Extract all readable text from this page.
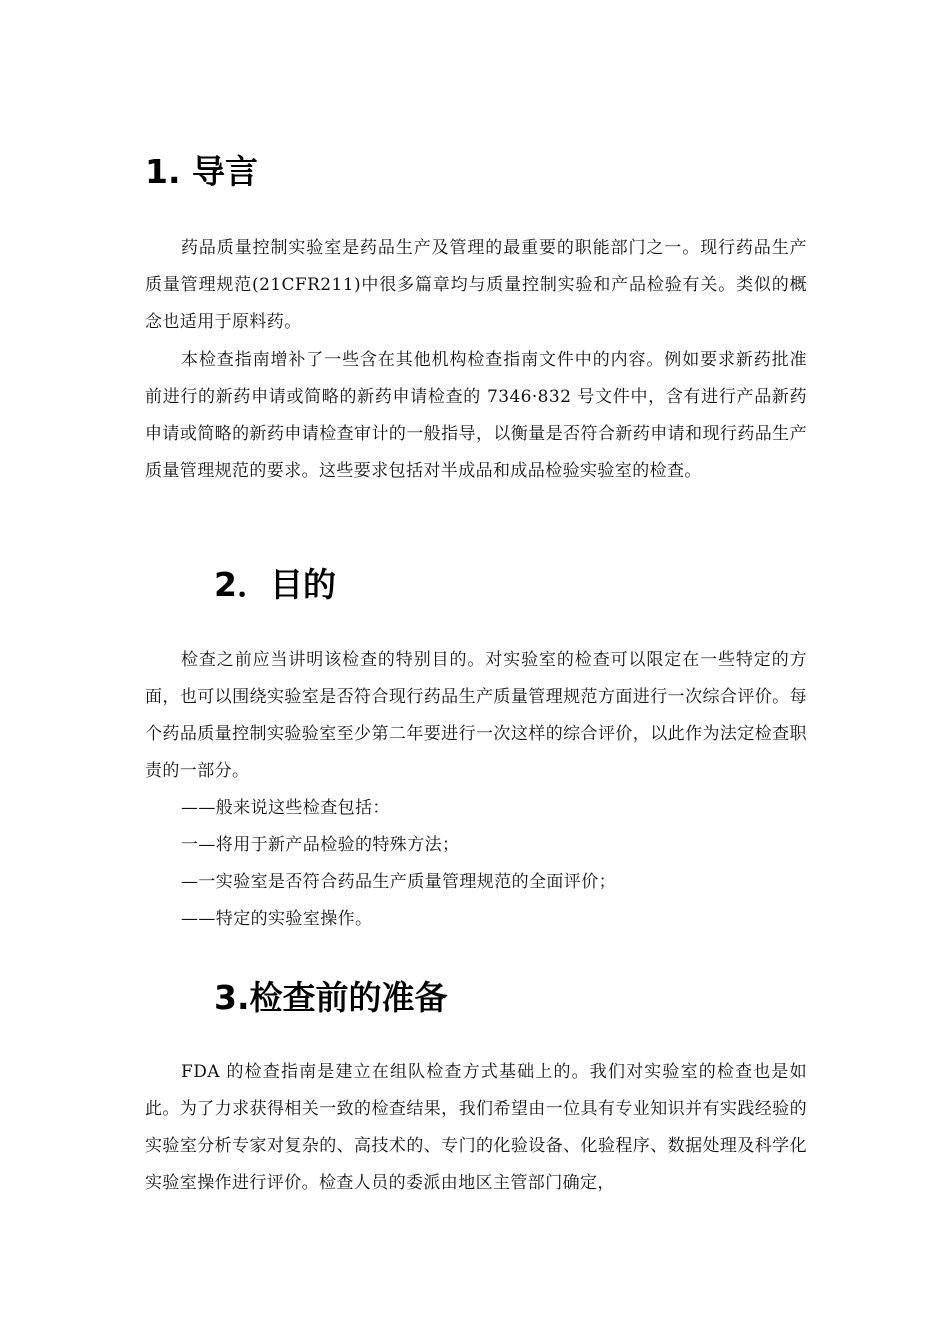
1. 导言

药品质量控制实验室是药品生产及管理的最重要的职能部门之一。现行药品生产质量管理规范(21CFR211)中很多篇章均与质量控制实验和产品检验有关。类似的概念也适用于原料药。

本检查指南增补了一些含在其他机构检查指南文件中的内容。例如要求新药批准前进行的新药申请或简略的新药申请检查的 7346·832 号文件中，含有进行产品新药申请或简略的新药申请检查审计的一般指导，以衡量是否符合新药申请和现行药品生产质量管理规范的要求。这些要求包括对半成品和成品检验实验室的检查。

2．目的

检查之前应当讲明该检查的特别目的。对实验室的检查可以限定在一些特定的方面，也可以围绕实验室是否符合现行药品生产质量管理规范方面进行一次综合评价。每个药品质量控制实验验室至少第二年要进行一次这样的综合评价，以此作为法定检查职责的一部分。

——般来说这些检查包括：

一—将用于新产品检验的特殊方法；

—一实验室是否符合药品生产质量管理规范的全面评价；

——特定的实验室操作。

3.检查前的准备

FDA 的检查指南是建立在组队检查方式基础上的。我们对实验室的检查也是如此。为了力求获得相关一致的检查结果，我们希望由一位具有专业知识并有实践经验的实验室分析专家对复杂的、高技术的、专门的化验设备、化验程序、数据处理及科学化实验室操作进行评价。检查人员的委派由地区主管部门确定，
